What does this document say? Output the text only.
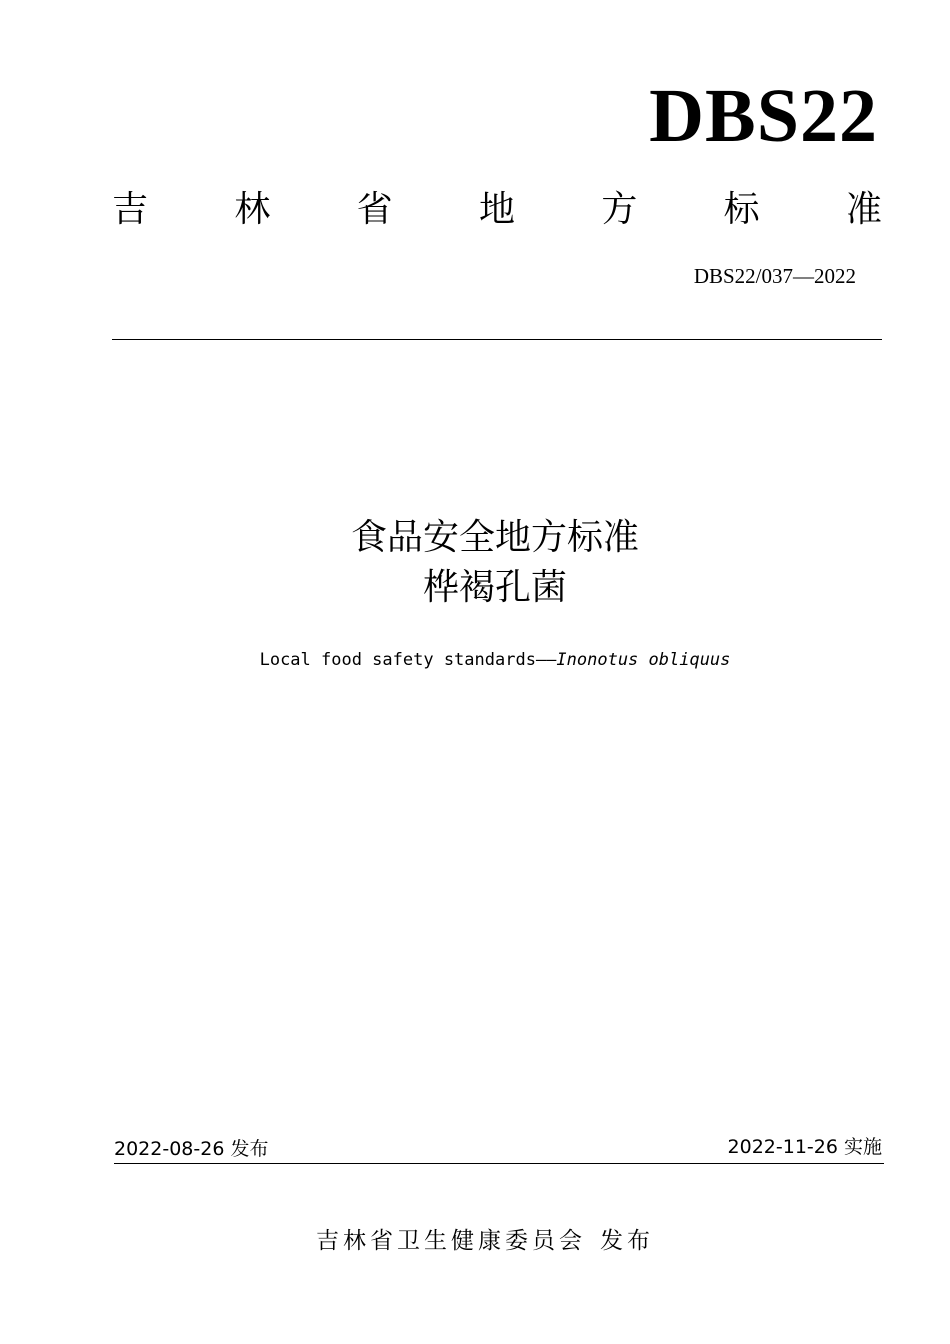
DBS22
吉 林 省 地 方 标 准
DBS22/037—2022
食品安全地方标准
桦褐孔菌
Local food safety standards——Inonotus obliquus
2022-08-26 发布	2022-11-26 实施
吉林省卫生健康委员会 发布
